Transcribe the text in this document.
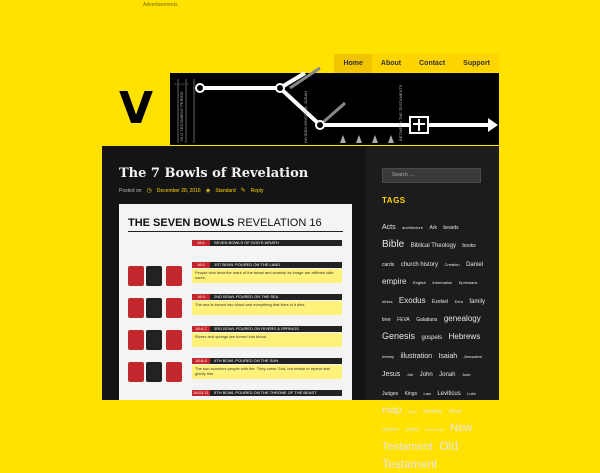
Advertisements
Home	About	Contact	Support
V	|||||||||||||||||||
OLD TESTAMENT PERIOD	DIVIDED KINGDOM, JUDAH	BETWEEN THE TESTAMENTS
The 7 Bowls of Revelation
Posted on ◷ December 28, 2016 ◈ Standard ✎ Reply
THE SEVEN BOWLS REVELATION 16
16:1 SEVEN BOWLS OF GOD'S WRATH
16:2 1ST BOWL POURED ON THE LAND
People who bear the mark of the beast and worship its image are afflicted with sores.
16:3 2ND BOWL POURED ON THE SEA
The sea is turned into blood and everything that lives in it dies.
16:4-7 3RD BOWL POURED ON RIVERS & SPRINGS
Rivers and springs are turned into blood.
16:8-9 4TH BOWL POURED ON THE SUN
The sun scorches people with fire. They curse God, but refuse to repent and glorify him.
16:10-11 5TH BOWL POURED ON THE THRONE OF THE BEAST
Search …
TAGS
Acts architecture Ark beards Bible Biblical Theology books cards church history Creation Daniel empire English information Ephesians ethics Exodus Ezekiel Ezra family tree FEVA Galatians genealogy Genesis gospels Hebrews heresy illustration Isaiah Jerusalem Jesus Job John Jonah Jude Judges Kings Law Leviticus Luke map Mark Matthew Micah mission model Nehemiah New Testament Old Testament
